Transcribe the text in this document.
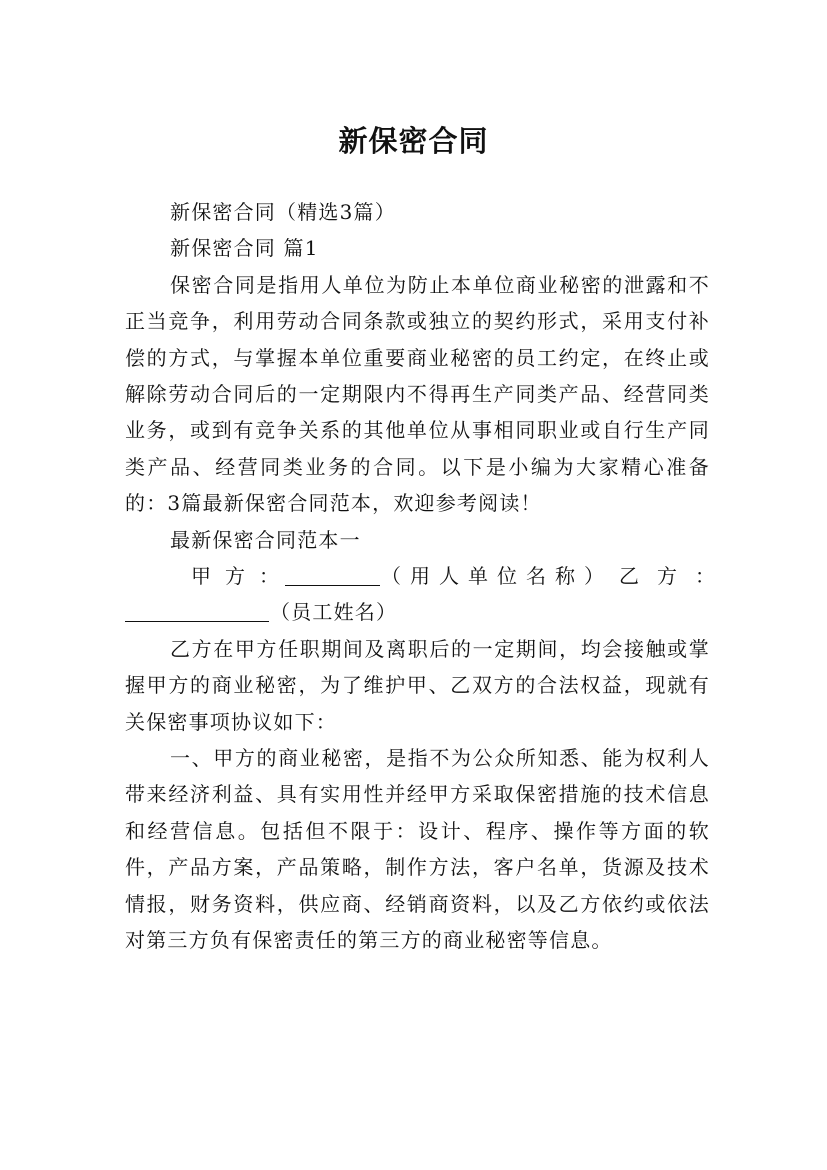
新保密合同

新保密合同（精选3篇）

新保密合同 篇1

保密合同是指用人单位为防止本单位商业秘密的泄露和不正当竞争，利用劳动合同条款或独立的契约形式，采用支付补偿的方式，与掌握本单位重要商业秘密的员工约定，在终止或解除劳动合同后的一定期限内不得再生产同类产品、经营同类业务，或到有竞争关系的其他单位从事相同职业或自行生产同类产品、经营同类业务的合同。以下是小编为大家精心准备的：3篇最新保密合同范本，欢迎参考阅读！

最新保密合同范本一

甲方：	（用人单位名称） 乙方：
（员工姓名）

乙方在甲方任职期间及离职后的一定期间，均会接触或掌握甲方的商业秘密，为了维护甲、乙双方的合法权益，现就有关保密事项协议如下：

一、甲方的商业秘密，是指不为公众所知悉、能为权利人带来经济利益、具有实用性并经甲方采取保密措施的技术信息和经营信息。包括但不限于：设计、程序、操作等方面的软件，产品方案，产品策略，制作方法，客户名单，货源及技术情报，财务资料，供应商、经销商资料，以及乙方依约或依法对第三方负有保密责任的第三方的商业秘密等信息。
